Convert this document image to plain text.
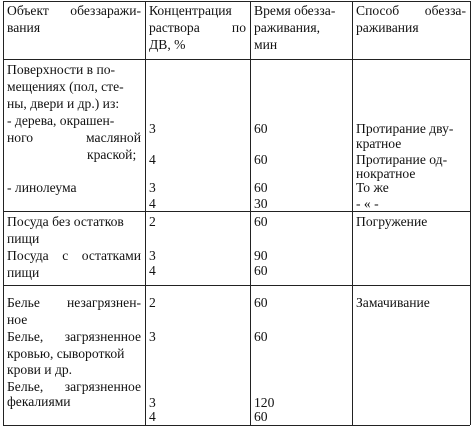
Объект обеззаражи-
вания
Концентрация
раствора по
ДВ, %
Время обезза-
раживания,
мин
Способ обезза-
раживания
Поверхности в по-
мещениях (пол, сте-
ны, двери и др.) из:
- дерева, окрашен-
ного	масляной
краской;
- линолеума
3
4
3
4
60
60
60
30
Протирание дву-
кратное
Протирание од-
нократное
То же
- « -
Посуда без остатков
пищи
Посуда с остатками
пищи
2
3
4
60
90
60
Погружение
Белье незагрязнен-
ное
Белье, загрязненное
кровью, сывороткой
крови и др.
Белье, загрязненное
фекалиями
2
3
3
4
60
60
120
60
Замачивание
